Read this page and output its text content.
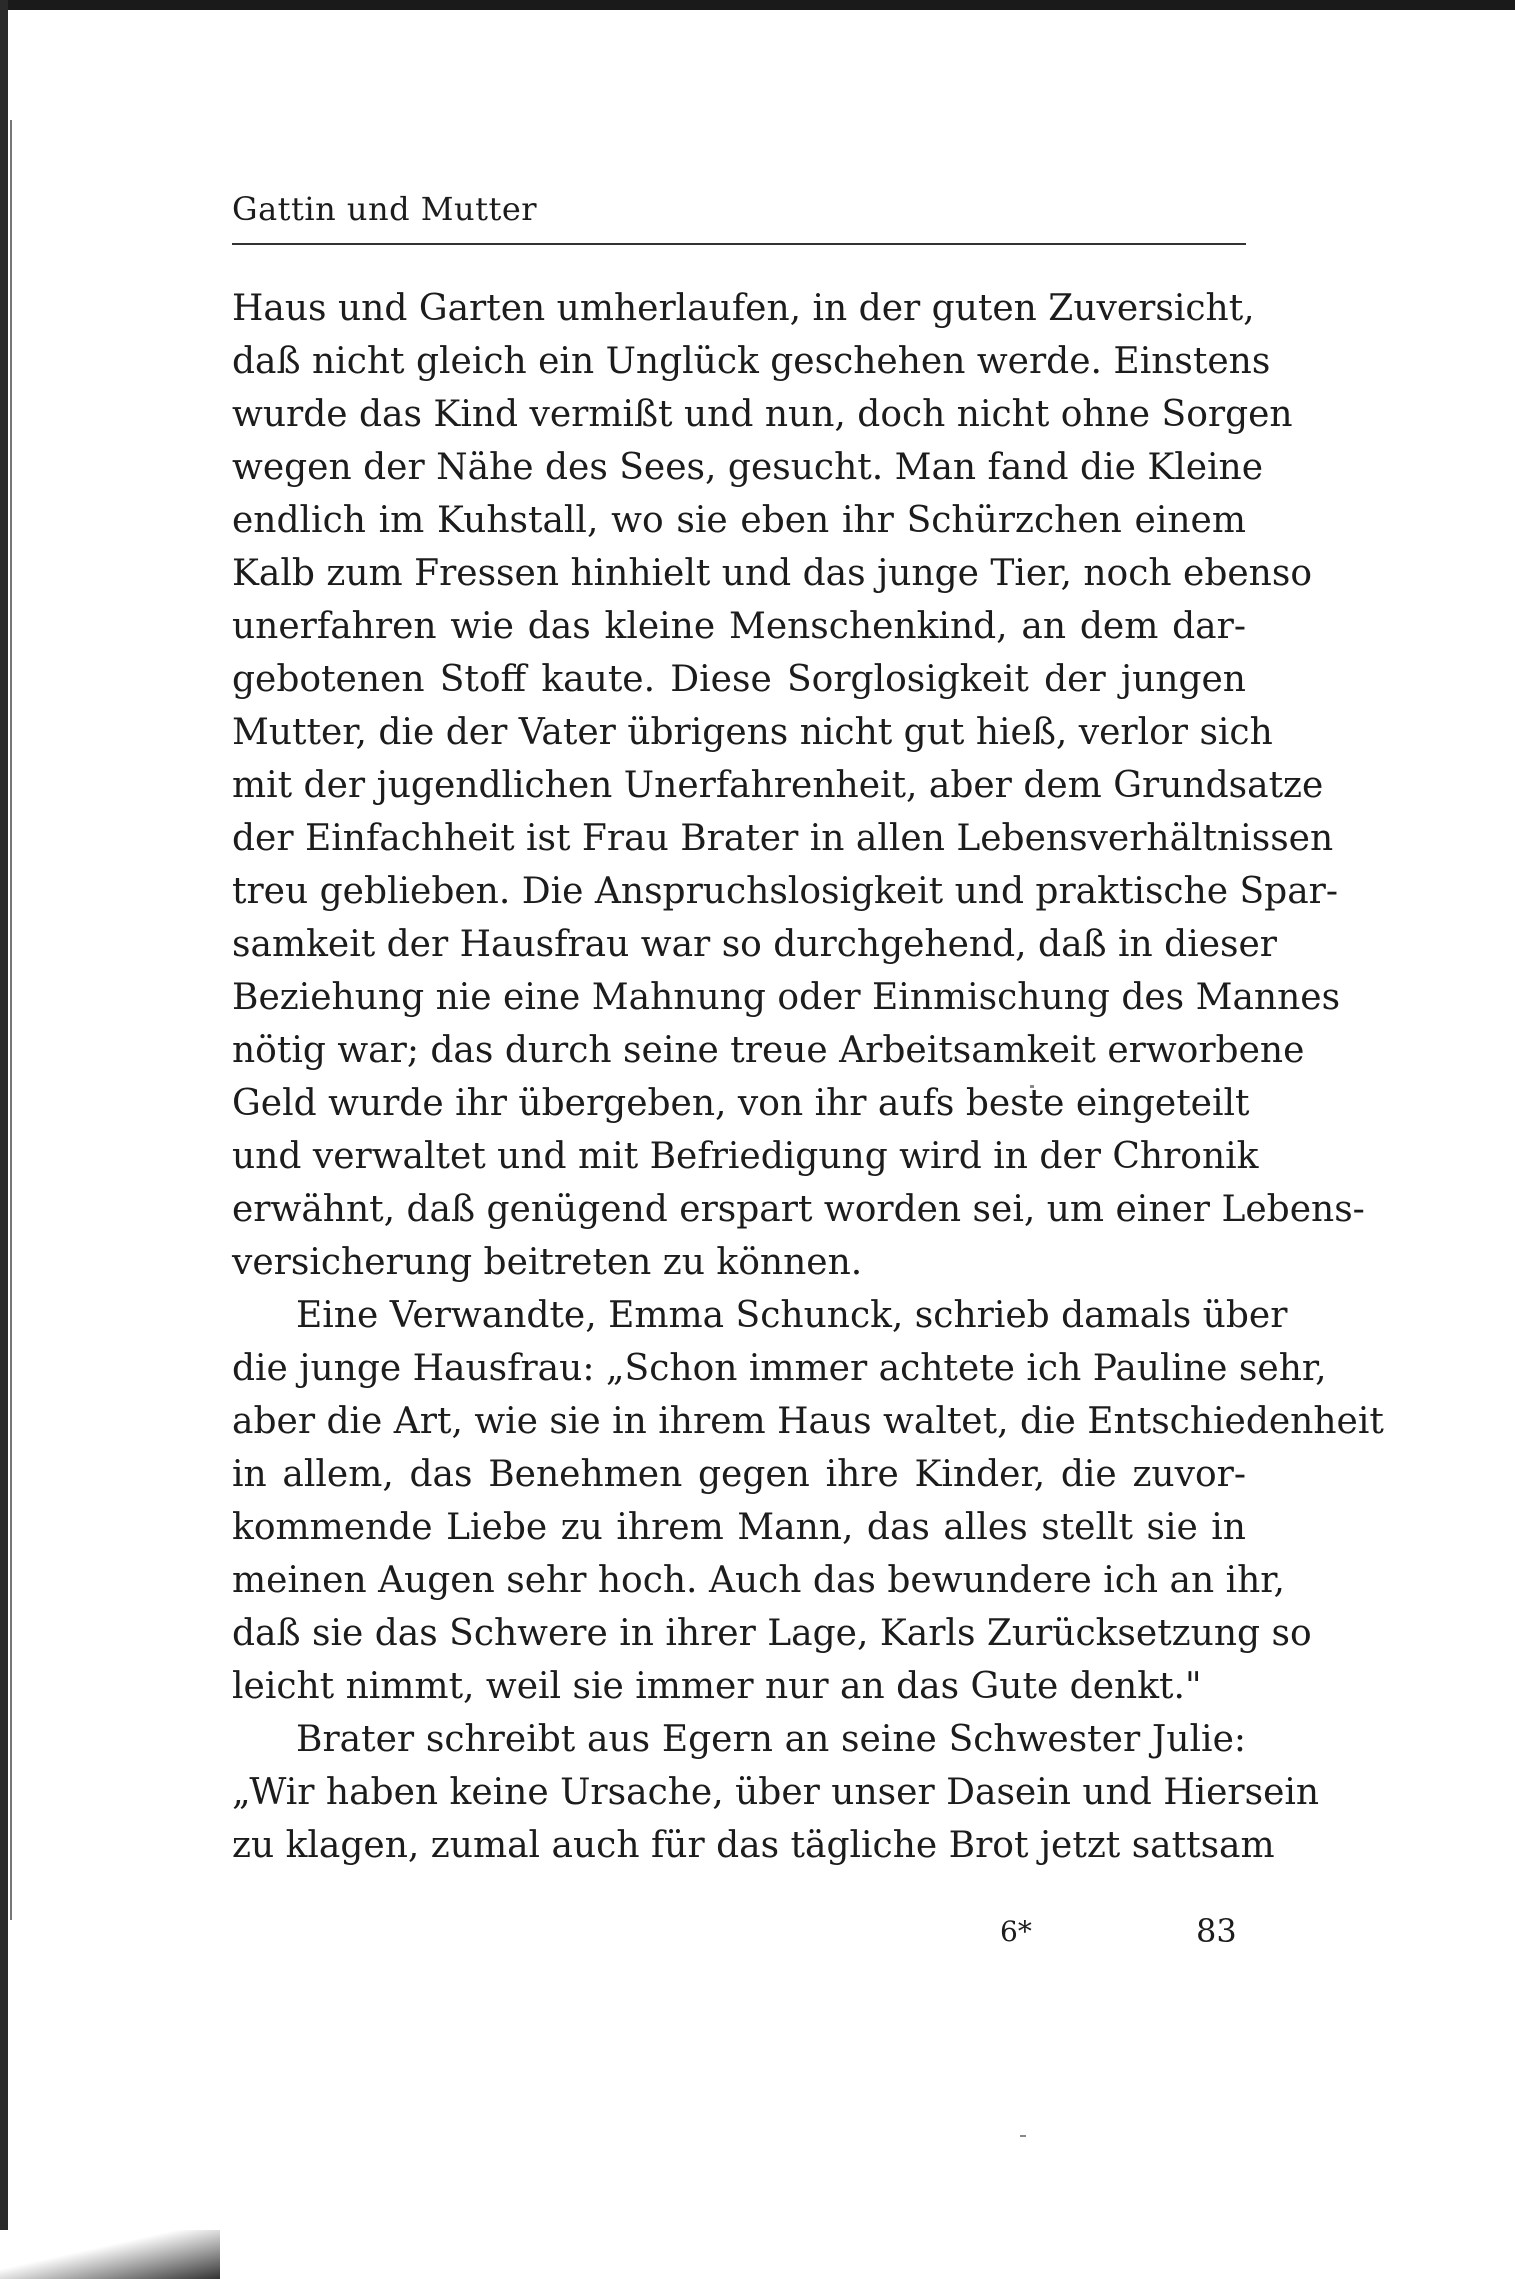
Gattin und Mutter
Haus und Garten umherlaufen, in der guten Zuversicht,
daß nicht gleich ein Unglück geschehen werde. Einstens
wurde das Kind vermißt und nun, doch nicht ohne Sorgen
wegen der Nähe des Sees, gesucht. Man fand die Kleine
endlich im Kuhstall, wo sie eben ihr Schürzchen einem
Kalb zum Fressen hinhielt und das junge Tier, noch ebenso
unerfahren wie das kleine Menschenkind, an dem dar-
gebotenen Stoff kaute. Diese Sorglosigkeit der jungen
Mutter, die der Vater übrigens nicht gut hieß, verlor sich
mit der jugendlichen Unerfahrenheit, aber dem Grundsatze
der Einfachheit ist Frau Brater in allen Lebensverhältnissen
treu geblieben. Die Anspruchslosigkeit und praktische Spar-
samkeit der Hausfrau war so durchgehend, daß in dieser
Beziehung nie eine Mahnung oder Einmischung des Mannes
nötig war; das durch seine treue Arbeitsamkeit erworbene
Geld wurde ihr übergeben, von ihr aufs beste eingeteilt
und verwaltet und mit Befriedigung wird in der Chronik
erwähnt, daß genügend erspart worden sei, um einer Lebens-
versicherung beitreten zu können.
Eine Verwandte, Emma Schunck, schrieb damals über
die junge Hausfrau: „Schon immer achtete ich Pauline sehr,
aber die Art, wie sie in ihrem Haus waltet, die Entschiedenheit
in allem, das Benehmen gegen ihre Kinder, die zuvor-
kommende Liebe zu ihrem Mann, das alles stellt sie in
meinen Augen sehr hoch. Auch das bewundere ich an ihr,
daß sie das Schwere in ihrer Lage, Karls Zurücksetzung so
leicht nimmt, weil sie immer nur an das Gute denkt."
Brater schreibt aus Egern an seine Schwester Julie:
„Wir haben keine Ursache, über unser Dasein und Hiersein
zu klagen, zumal auch für das tägliche Brot jetzt sattsam
6*	83
